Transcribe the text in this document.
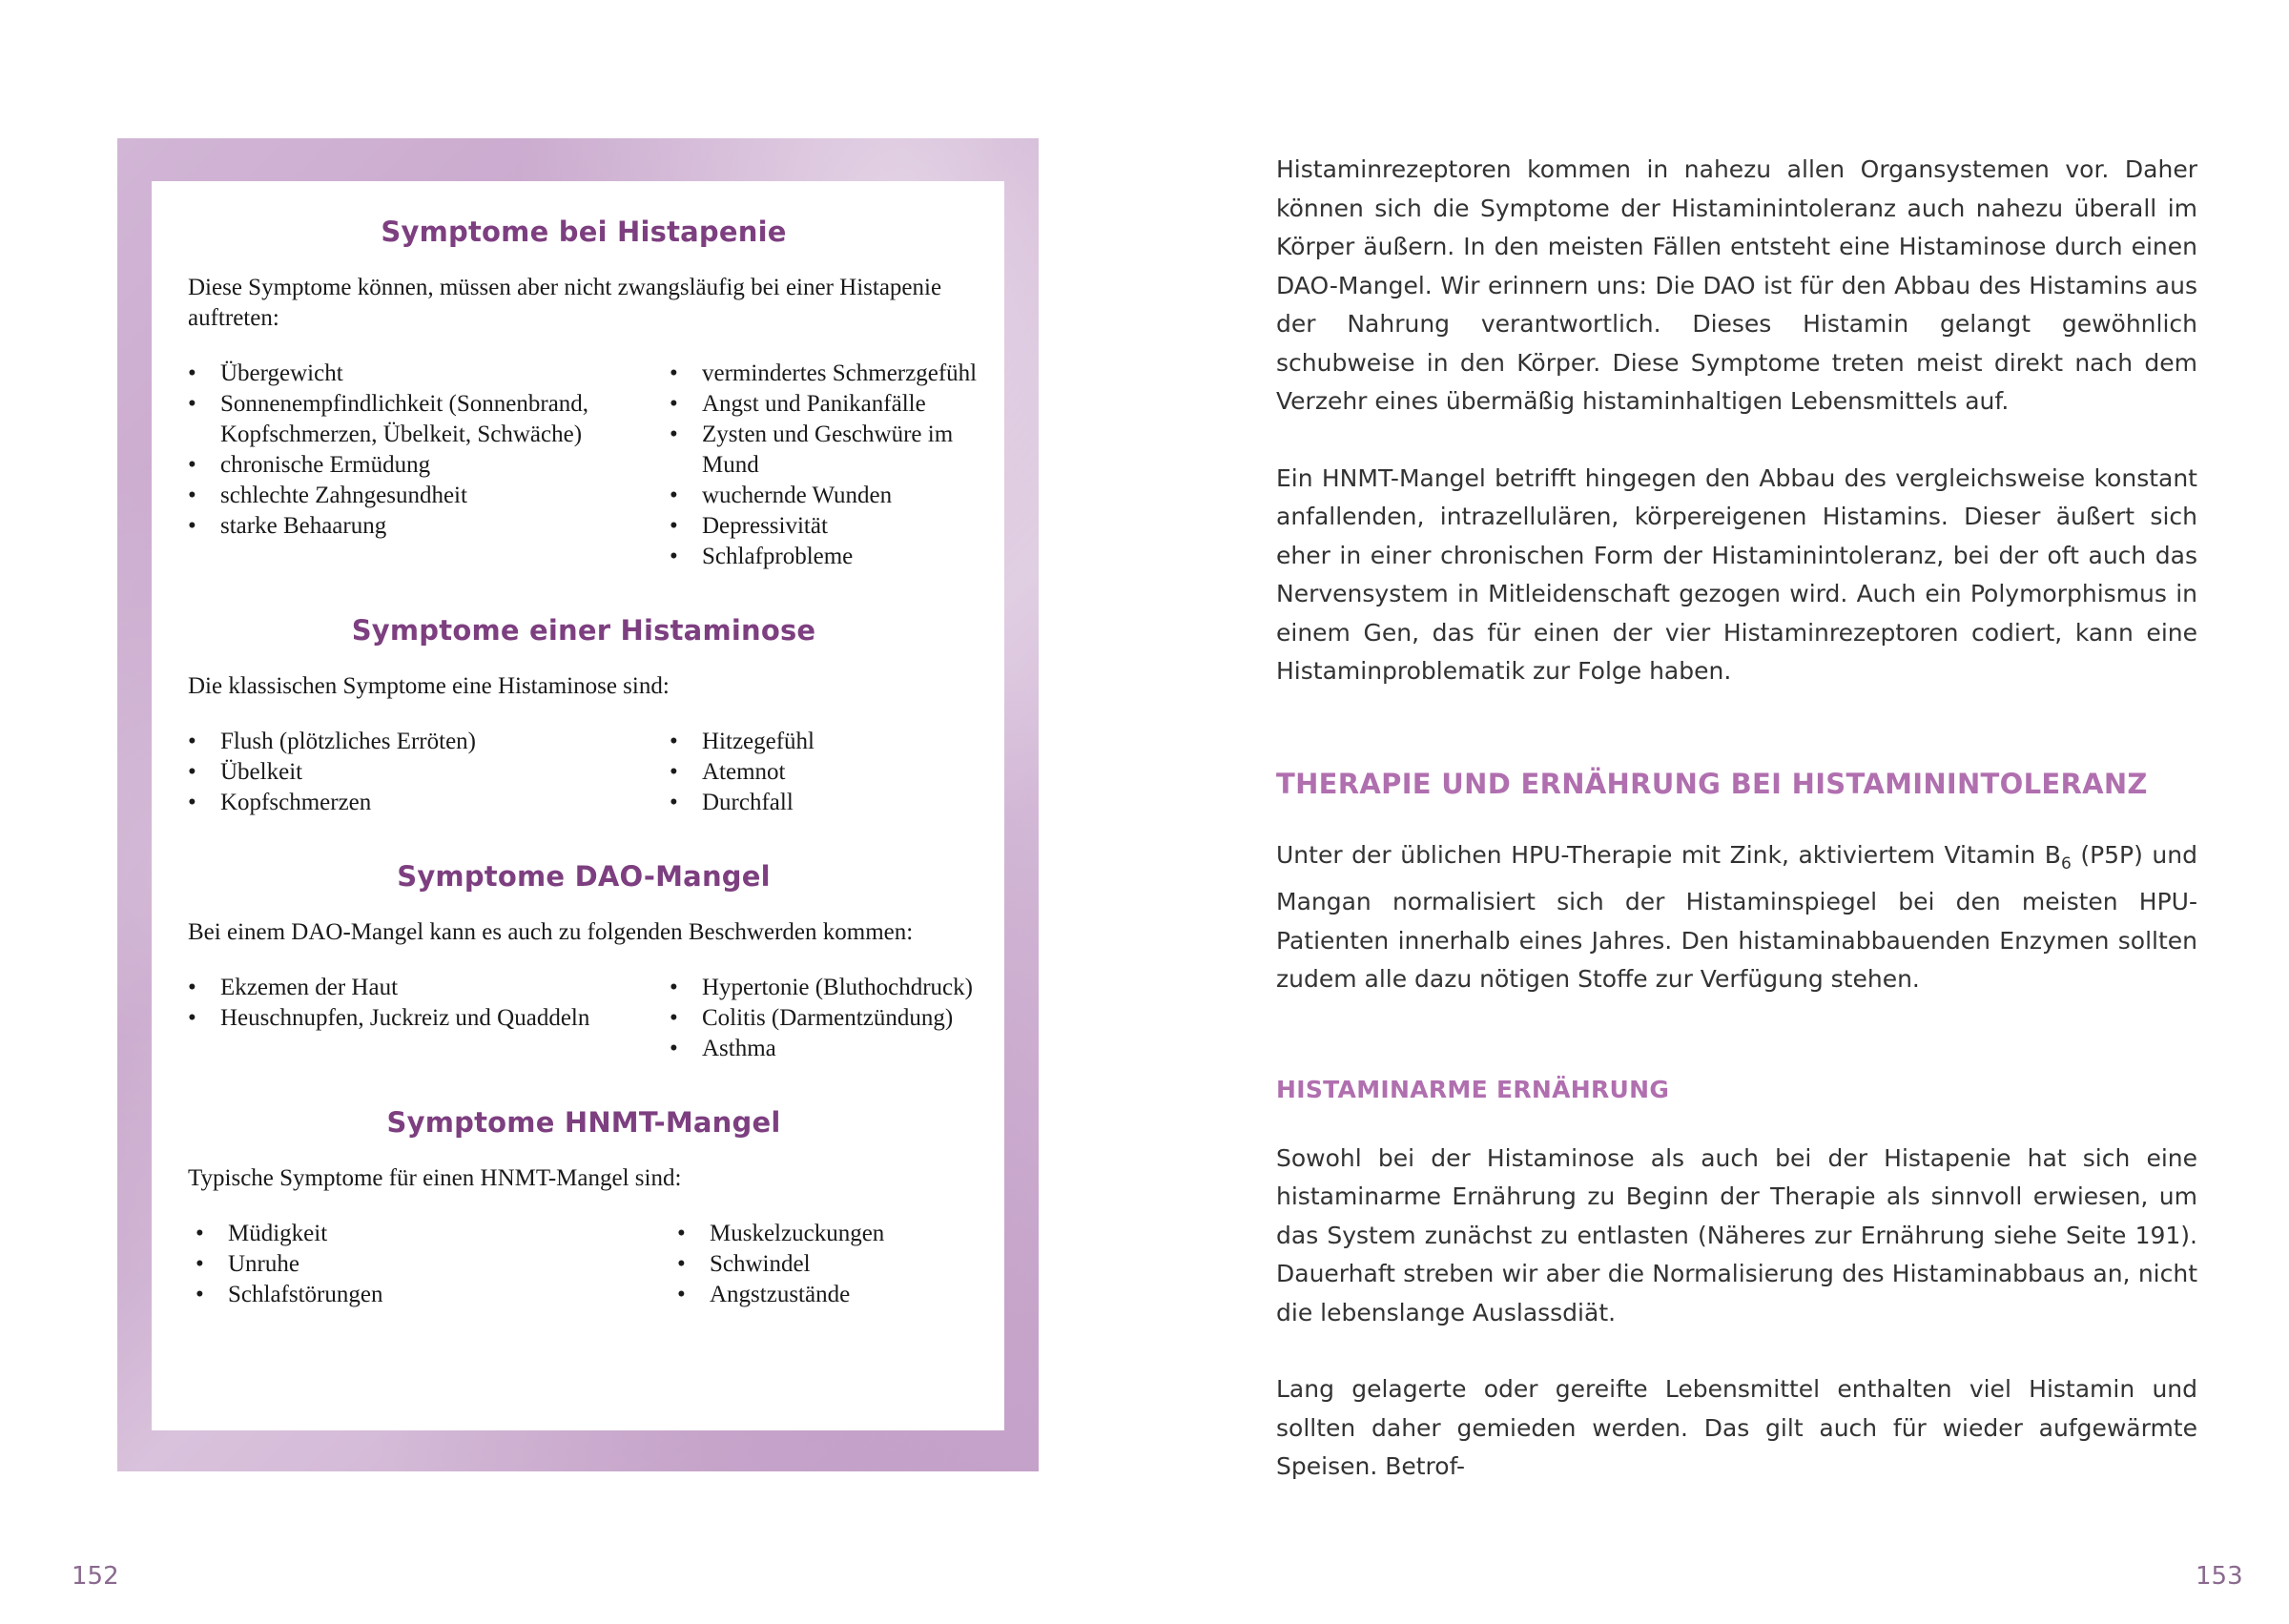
Symptome bei Histapenie
Diese Symptome können, müssen aber nicht zwangsläufig bei einer Histapenie auftreten:
• Übergewicht
• Sonnenempfindlichkeit (Sonnenbrand, Kopfschmerzen, Übelkeit, Schwäche)
• chronische Ermüdung
• schlechte Zahngesundheit
• starke Behaarung
• vermindertes Schmerzgefühl
• Angst und Panikanfälle
• Zysten und Geschwüre im Mund
• wuchernde Wunden
• Depressivität
• Schlafprobleme
Symptome einer Histaminose
Die klassischen Symptome eine Histaminose sind:
• Flush (plötzliches Erröten)
• Übelkeit
• Kopfschmerzen
• Hitzegefühl
• Atemnot
• Durchfall
Symptome DAO-Mangel
Bei einem DAO-Mangel kann es auch zu folgenden Beschwerden kommen:
• Ekzemen der Haut
• Heuschnupfen, Juckreiz und Quaddeln
• Hypertonie (Bluthochdruck)
• Colitis (Darmentzündung)
• Asthma
Symptome HNMT-Mangel
Typische Symptome für einen HNMT-Mangel sind:
• Müdigkeit
• Unruhe
• Schlafstörungen
• Muskelzuckungen
• Schwindel
• Angstzustände
152

Histaminrezeptoren kommen in nahezu allen Organsystemen vor. Daher können sich die Symptome der Histaminintoleranz auch nahezu überall im Körper äußern. In den meisten Fällen entsteht eine Histaminose durch einen DAO-Mangel. Wir erinnern uns: Die DAO ist für den Abbau des Histamins aus der Nahrung verantwortlich. Dieses Histamin gelangt gewöhnlich schubweise in den Körper. Diese Symptome treten meist direkt nach dem Verzehr eines übermäßig histaminhaltigen Lebensmittels auf.

Ein HNMT-Mangel betrifft hingegen den Abbau des vergleichsweise konstant anfallenden, intrazellulären, körpereigenen Histamins. Dieser äußert sich eher in einer chronischen Form der Histaminintoleranz, bei der oft auch das Nervensystem in Mitleidenschaft gezogen wird. Auch ein Polymorphismus in einem Gen, das für einen der vier Histaminrezeptoren codiert, kann eine Histaminproblematik zur Folge haben.

THERAPIE UND ERNÄHRUNG BEI HISTAMININTOLERANZ

Unter der üblichen HPU-Therapie mit Zink, aktiviertem Vitamin $B_6$ (P5P) und Mangan normalisiert sich der Histaminspiegel bei den meisten HPU-Patienten innerhalb eines Jahres. Den histaminabbauenden Enzymen sollten zudem alle dazu nötigen Stoffe zur Verfügung stehen.

HISTAMINARME ERNÄHRUNG

Sowohl bei der Histaminose als auch bei der Histapenie hat sich eine histaminarme Ernährung zu Beginn der Therapie als sinnvoll erwiesen, um das System zunächst zu entlasten (Näheres zur Ernährung siehe Seite 191). Dauerhaft streben wir aber die Normalisierung des Histaminabbaus an, nicht die lebenslange Auslassdiät.

Lang gelagerte oder gereifte Lebensmittel enthalten viel Histamin und sollten daher gemieden werden. Das gilt auch für wieder aufgewärmte Speisen. Betrof-

153
